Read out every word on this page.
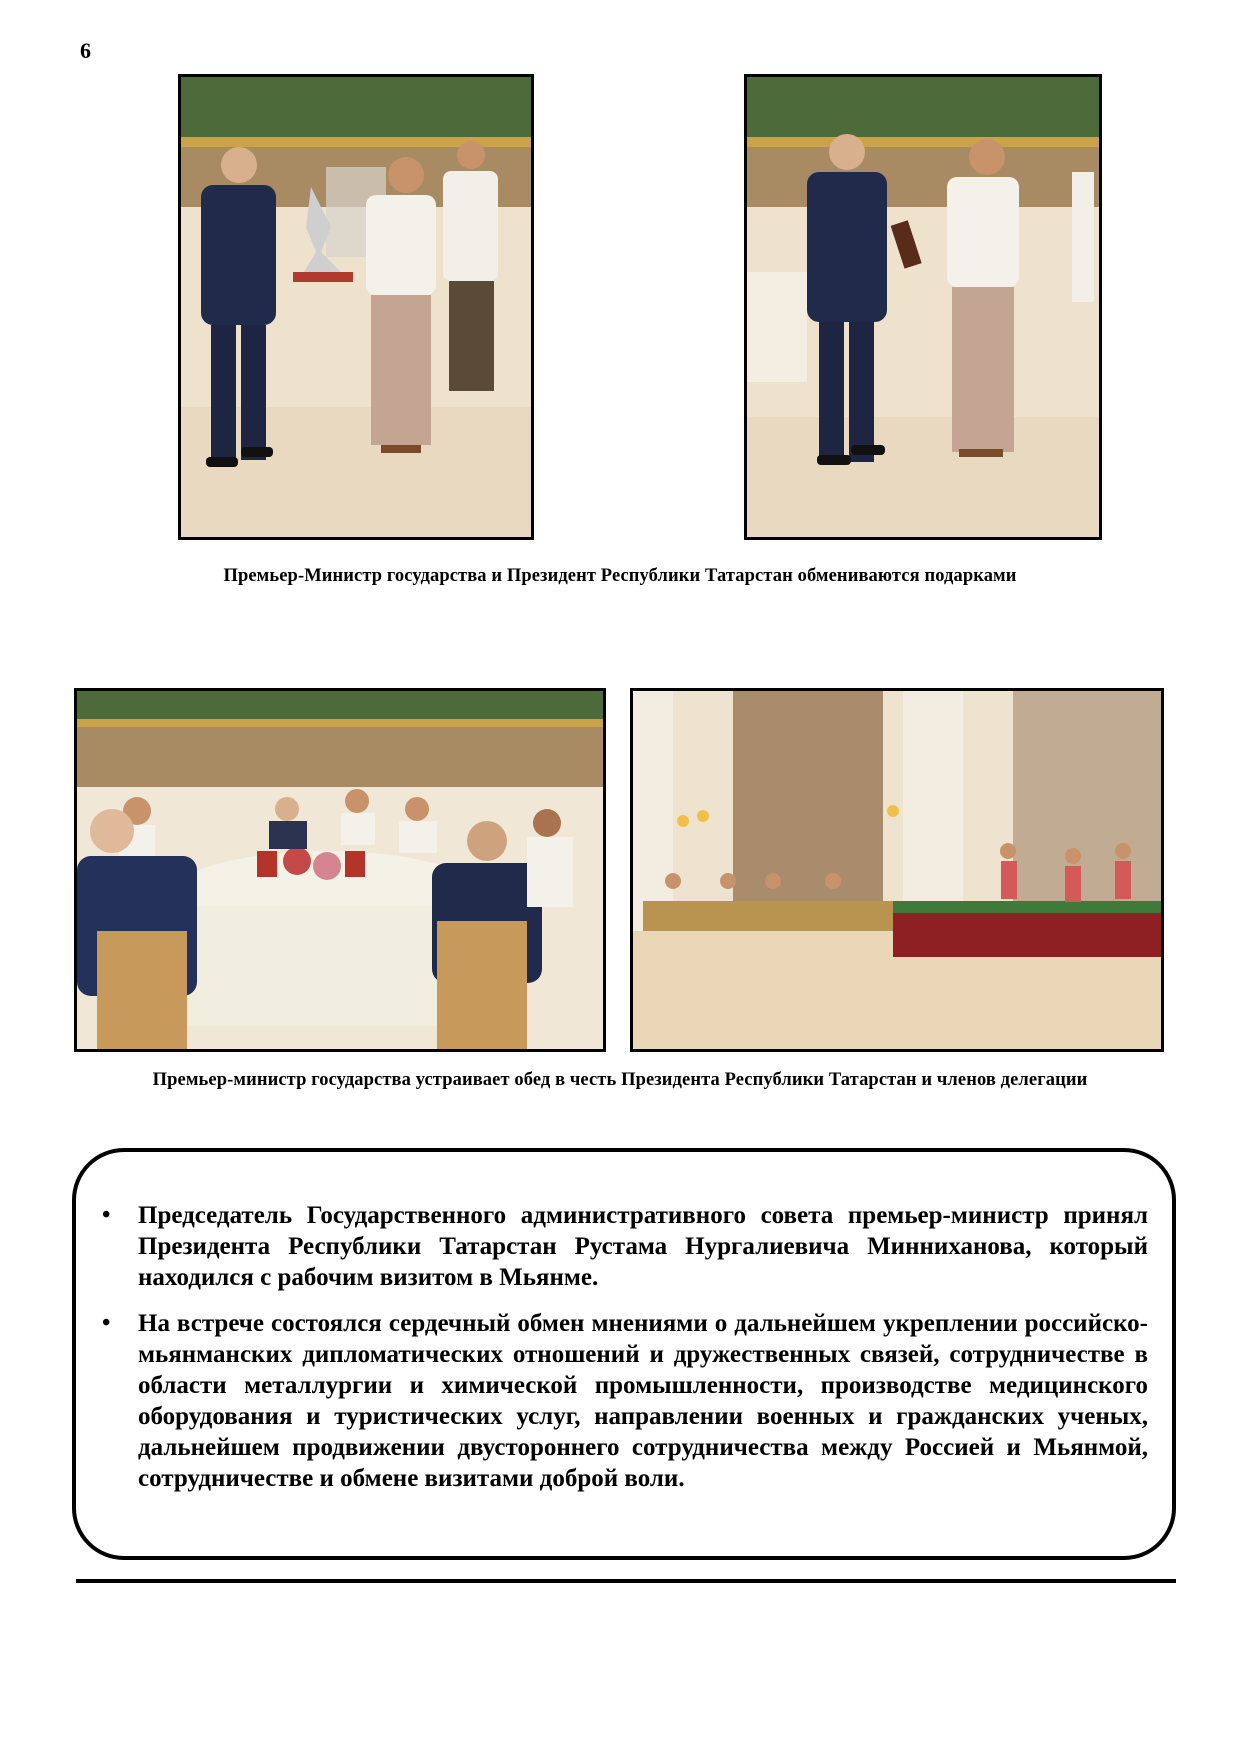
6
Премьер-Министр государства и Президент Республики Татарстан обмениваются подарками
Премьер-министр государства устраивает обед в честь Президента Республики Татарстан и членов делегации
• Председатель Государственного административного совета премьер-министр принял Президента Республики Татарстан Рустама Нургалиевича Минниханова, который находился с рабочим визитом в Мьянме.
• На встрече состоялся сердечный обмен мнениями о дальнейшем укреплении российско-мьянманских дипломатических отношений и дружественных связей, сотрудничестве в области металлургии и химической промышленности, производстве медицинского оборудования и туристических услуг, направлении военных и гражданских ученых, дальнейшем продвижении двустороннего сотрудничества между Россией и Мьянмой, сотрудничестве и обмене визитами доброй воли.
